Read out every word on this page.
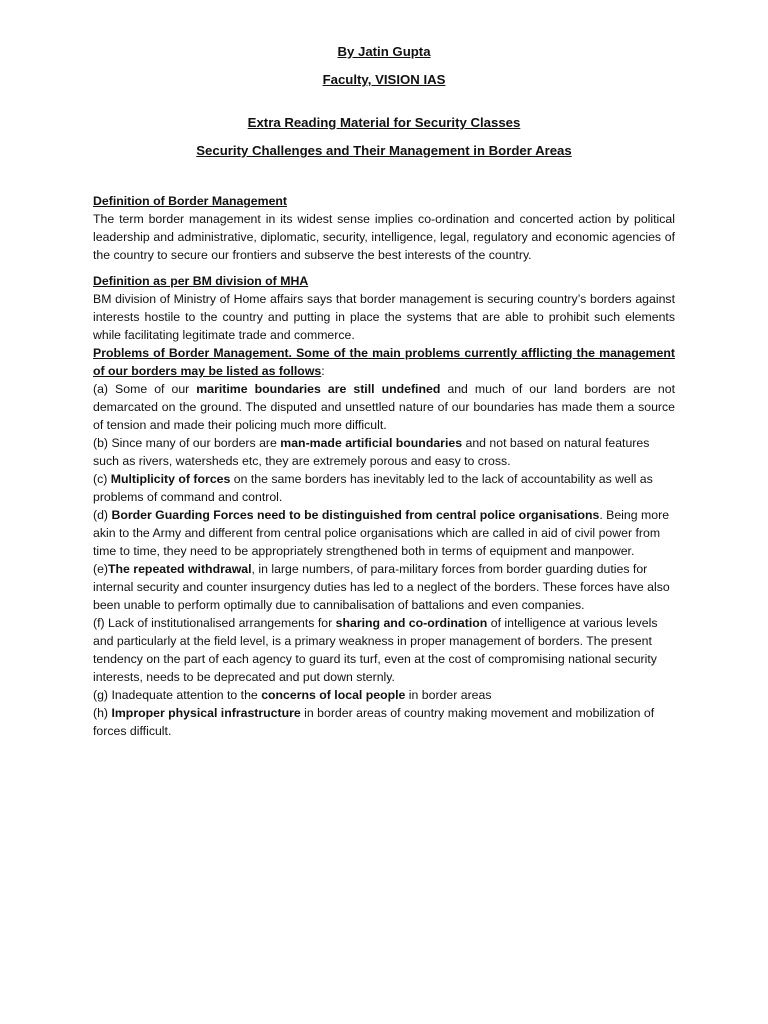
By Jatin Gupta

Faculty, VISION IAS

Extra Reading Material for Security Classes

Security Challenges and Their Management in Border Areas

Definition of Border Management

The term border management in its widest sense implies co-ordination and concerted action by political leadership and administrative, diplomatic, security, intelligence, legal, regulatory and economic agencies of the country to secure our frontiers and subserve the best interests of the country.

Definition as per BM division of MHA

BM division of Ministry of Home affairs says that border management is securing country’s borders against interests hostile to the country and putting in place the systems that are able to prohibit such elements while facilitating legitimate trade and commerce.

Problems of Border Management. Some of the main problems currently afflicting the management of our borders may be listed as follows:

(a) Some of our maritime boundaries are still undefined and much of our land borders are not demarcated on the ground. The disputed and unsettled nature of our boundaries has made them a source of tension and made their policing much more difficult.

(b) Since many of our borders are man-made artificial boundaries and not based on natural features such as rivers, watersheds etc, they are extremely porous and easy to cross.

(c) Multiplicity of forces on the same borders has inevitably led to the lack of accountability as well as problems of command and control.

(d) Border Guarding Forces need to be distinguished from central police organisations. Being more akin to the Army and different from central police organisations which are called in aid of civil power from time to time, they need to be appropriately strengthened both in terms of equipment and manpower.

(e)The repeated withdrawal, in large numbers, of para-military forces from border guarding duties for internal security and counter insurgency duties has led to a neglect of the borders. These forces have also been unable to perform optimally due to cannibalisation of battalions and even companies.

(f) Lack of institutionalised arrangements for sharing and co-ordination of intelligence at various levels and particularly at the field level, is a primary weakness in proper management of borders. The present tendency on the part of each agency to guard its turf, even at the cost of compromising national security interests, needs to be deprecated and put down sternly.

(g) Inadequate attention to the concerns of local people in border areas

(h) Improper physical infrastructure in border areas of country making movement and mobilization of forces difficult.
